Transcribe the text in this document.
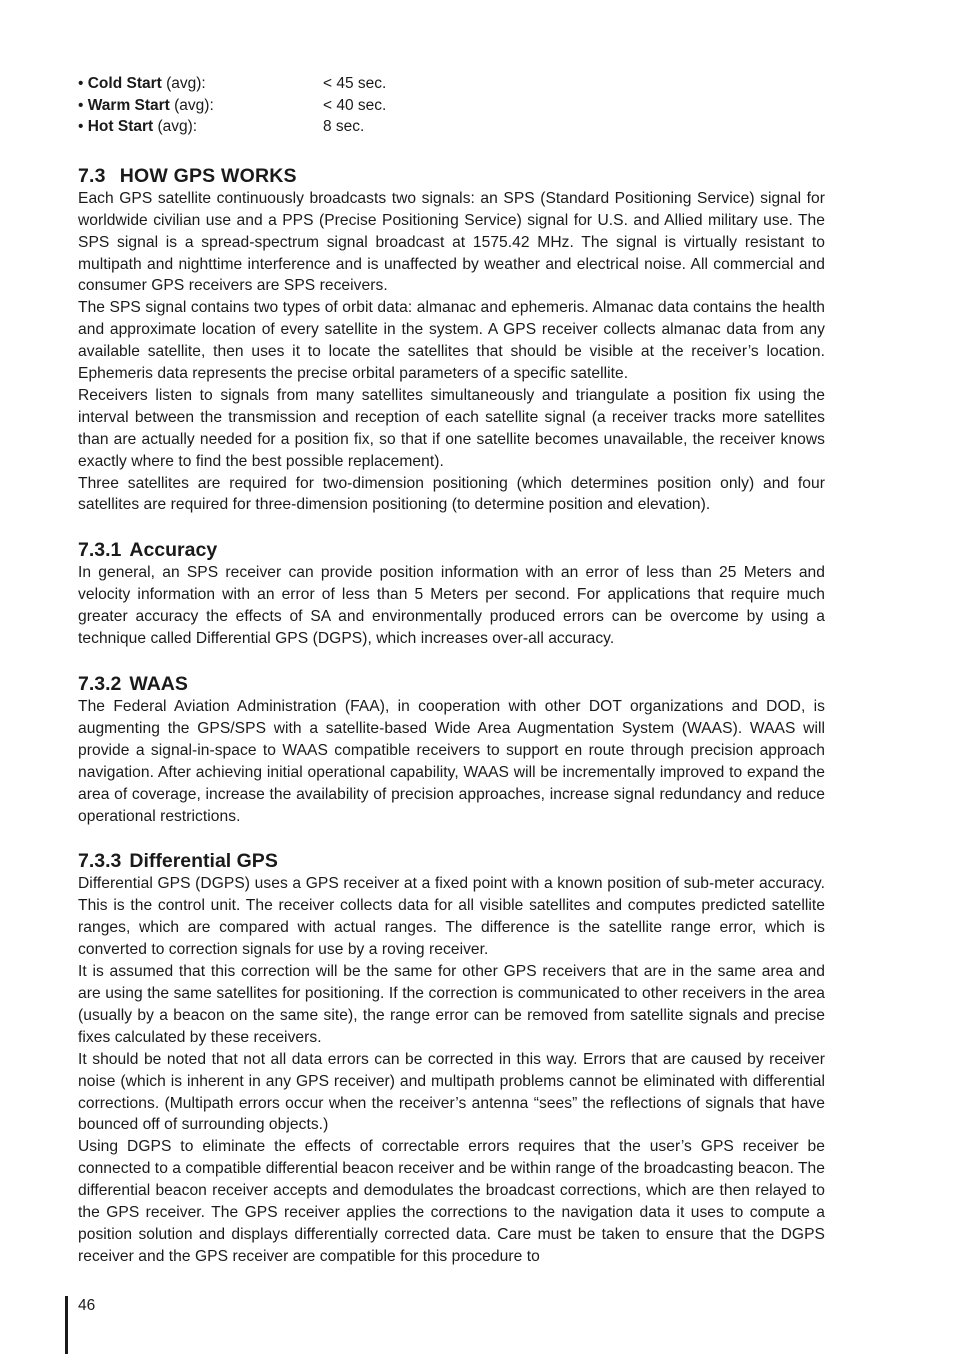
• Cold Start (avg):	< 45 sec.
• Warm Start (avg):	< 40 sec.
• Hot Start (avg):	8 sec.
7.3 HOW GPS WORKS

Each GPS satellite continuously broadcasts two signals: an SPS (Standard Positioning Service) signal for worldwide civilian use and a PPS (Precise Positioning Service) signal for U.S. and Allied military use. The SPS signal is a spread-spectrum signal broadcast at 1575.42 MHz. The signal is virtually resistant to multipath and nighttime interference and is unaffected by weather and electrical noise. All commercial and consumer GPS receivers are SPS receivers.

The SPS signal contains two types of orbit data: almanac and ephemeris. Almanac data contains the health and approximate location of every satellite in the system. A GPS receiver collects almanac data from any available satellite, then uses it to locate the satellites that should be visible at the receiver’s location. Ephemeris data represents the precise orbital parameters of a specific satellite.

Receivers listen to signals from many satellites simultaneously and triangulate a position fix using the interval between the transmission and reception of each satellite signal (a receiver tracks more satellites than are actually needed for a position fix, so that if one satellite becomes unavailable, the receiver knows exactly where to find the best possible replacement).

Three satellites are required for two-dimension positioning (which determines position only) and four satellites are required for three-dimension positioning (to determine position and elevation).

7.3.1 Accuracy

In general, an SPS receiver can provide position information with an error of less than 25 Meters and velocity information with an error of less than 5 Meters per second. For applications that require much greater accuracy the effects of SA and environmentally produced errors can be overcome by using a technique called Differential GPS (DGPS), which increases over-all accuracy.

7.3.2 WAAS

The Federal Aviation Administration (FAA), in cooperation with other DOT organizations and DOD, is augmenting the GPS/SPS with a satellite-based Wide Area Augmentation System (WAAS). WAAS will provide a signal-in-space to WAAS compatible receivers to support en route through precision approach navigation. After achieving initial operational capability, WAAS will be incrementally improved to expand the area of coverage, increase the availability of precision approaches, increase signal redundancy and reduce operational restrictions.

7.3.3 Differential GPS

Differential GPS (DGPS) uses a GPS receiver at a fixed point with a known position of sub-meter accuracy. This is the control unit. The receiver collects data for all visible satellites and computes predicted satellite ranges, which are compared with actual ranges. The difference is the satellite range error, which is converted to correction signals for use by a roving receiver.

It is assumed that this correction will be the same for other GPS receivers that are in the same area and are using the same satellites for positioning. If the correction is communicated to other receivers in the area (usually by a beacon on the same site), the range error can be removed from satellite signals and precise fixes calculated by these receivers.

It should be noted that not all data errors can be corrected in this way. Errors that are caused by receiver noise (which is inherent in any GPS receiver) and multipath problems cannot be eliminated with differential corrections. (Multipath errors occur when the receiver’s antenna “sees” the reflections of signals that have bounced off of surrounding objects.)

Using DGPS to eliminate the effects of correctable errors requires that the user’s GPS receiver be connected to a compatible differential beacon receiver and be within range of the broadcasting beacon. The differential beacon receiver accepts and demodulates the broadcast corrections, which are then relayed to the GPS receiver. The GPS receiver applies the corrections to the navigation data it uses to compute a position solution and displays differentially corrected data. Care must be taken to ensure that the DGPS receiver and the GPS receiver are compatible for this procedure to

46
